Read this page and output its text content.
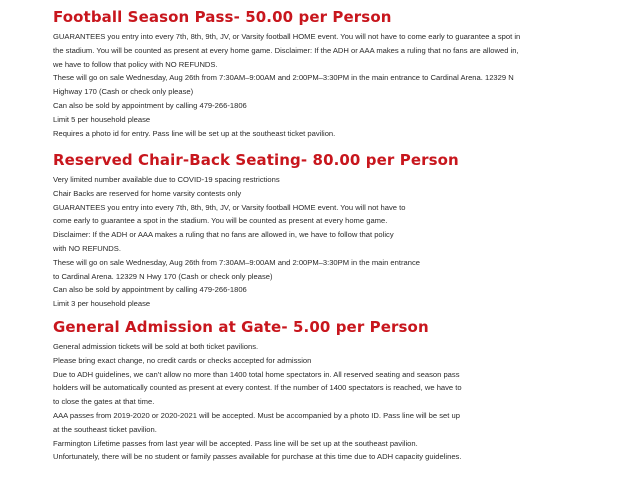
Football Season Pass- 50.00 per Person

GUARANTEES you entry into every 7th, 8th, 9th, JV, or Varsity football HOME event. You will not have to come early to guarantee a spot in

the stadium. You will be counted as present at every home game. Disclaimer: If the ADH or AAA makes a ruling that no fans are allowed in,

we have to follow that policy with NO REFUNDS.

These will go on sale Wednesday, Aug 26th from 7:30AM–9:00AM and 2:00PM–3:30PM in the main entrance to Cardinal Arena. 12329 N

Highway 170 (Cash or check only please)

Can also be sold by appointment by calling 479-266-1806

Limit 5 per household please

Requires a photo id for entry. Pass line will be set up at the southeast ticket pavilion.

Reserved Chair-Back Seating- 80.00 per Person

Very limited number available due to COVID-19 spacing restrictions

Chair Backs are reserved for home varsity contests only

GUARANTEES you entry into every 7th, 8th, 9th, JV, or Varsity football HOME event. You will not have to

come early to guarantee a spot in the stadium. You will be counted as present at every home game.

Disclaimer: If the ADH or AAA makes a ruling that no fans are allowed in, we have to follow that policy

with NO REFUNDS.

These will go on sale Wednesday, Aug 26th from 7:30AM–9:00AM and 2:00PM–3:30PM in the main entrance

to Cardinal Arena. 12329 N Hwy 170 (Cash or check only please)

Can also be sold by appointment by calling 479-266-1806

Limit 3 per household please

General Admission at Gate- 5.00 per Person

General admission tickets will be sold at both ticket pavilions.

Please bring exact change, no credit cards or checks accepted for admission

Due to ADH guidelines, we can’t allow no more than 1400 total home spectators in. All reserved seating and season pass

holders will be automatically counted as present at every contest. If the number of 1400 spectators is reached, we have to

to close the gates at that time.

AAA passes from 2019-2020 or 2020-2021 will be accepted. Must be accompanied by a photo ID. Pass line will be set up

at the southeast ticket pavilion.

Farmington Lifetime passes from last year will be accepted. Pass line will be set up at the southeast pavilion.

Unfortunately, there will be no student or family passes available for purchase at this time due to ADH capacity guidelines.
